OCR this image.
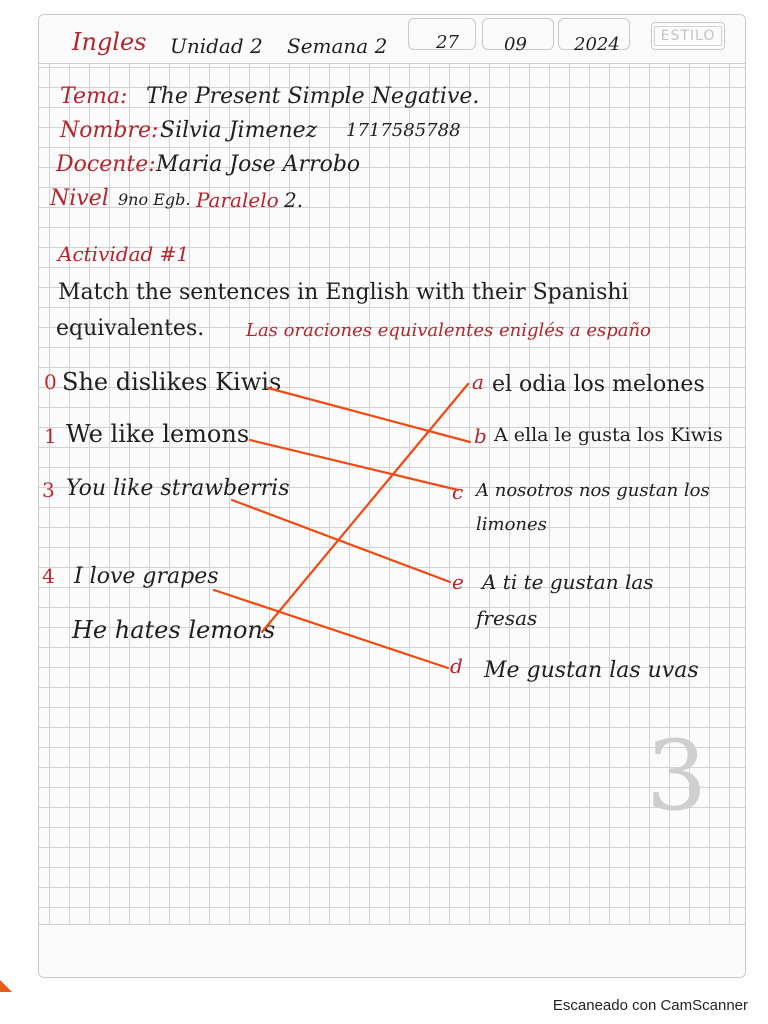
ESTILO
Ingles Unidad 2 Semana 2	27	09	2024
Tema: The Present Simple Negative.
Nombre: Silvia Jimenez 1717585788
Docente: Maria Jose Arrobo
Nivel 9no Egb. Paralelo 2.
Actividad #1
Match the sentences in English with their Spanishi
equivalentes. Las oraciones equivalentes eniglés a españo
0 She dislikes Kiwis
1 We like lemons
3 You like strawberris
4 I love grapes
He hates lemons
a el odia los melones
b A ella le gusta los Kiwis
c A nosotros nos gustan los
limones
e A ti te gustan las
fresas
d Me gustan las uvas
3
Escaneado con CamScanner
